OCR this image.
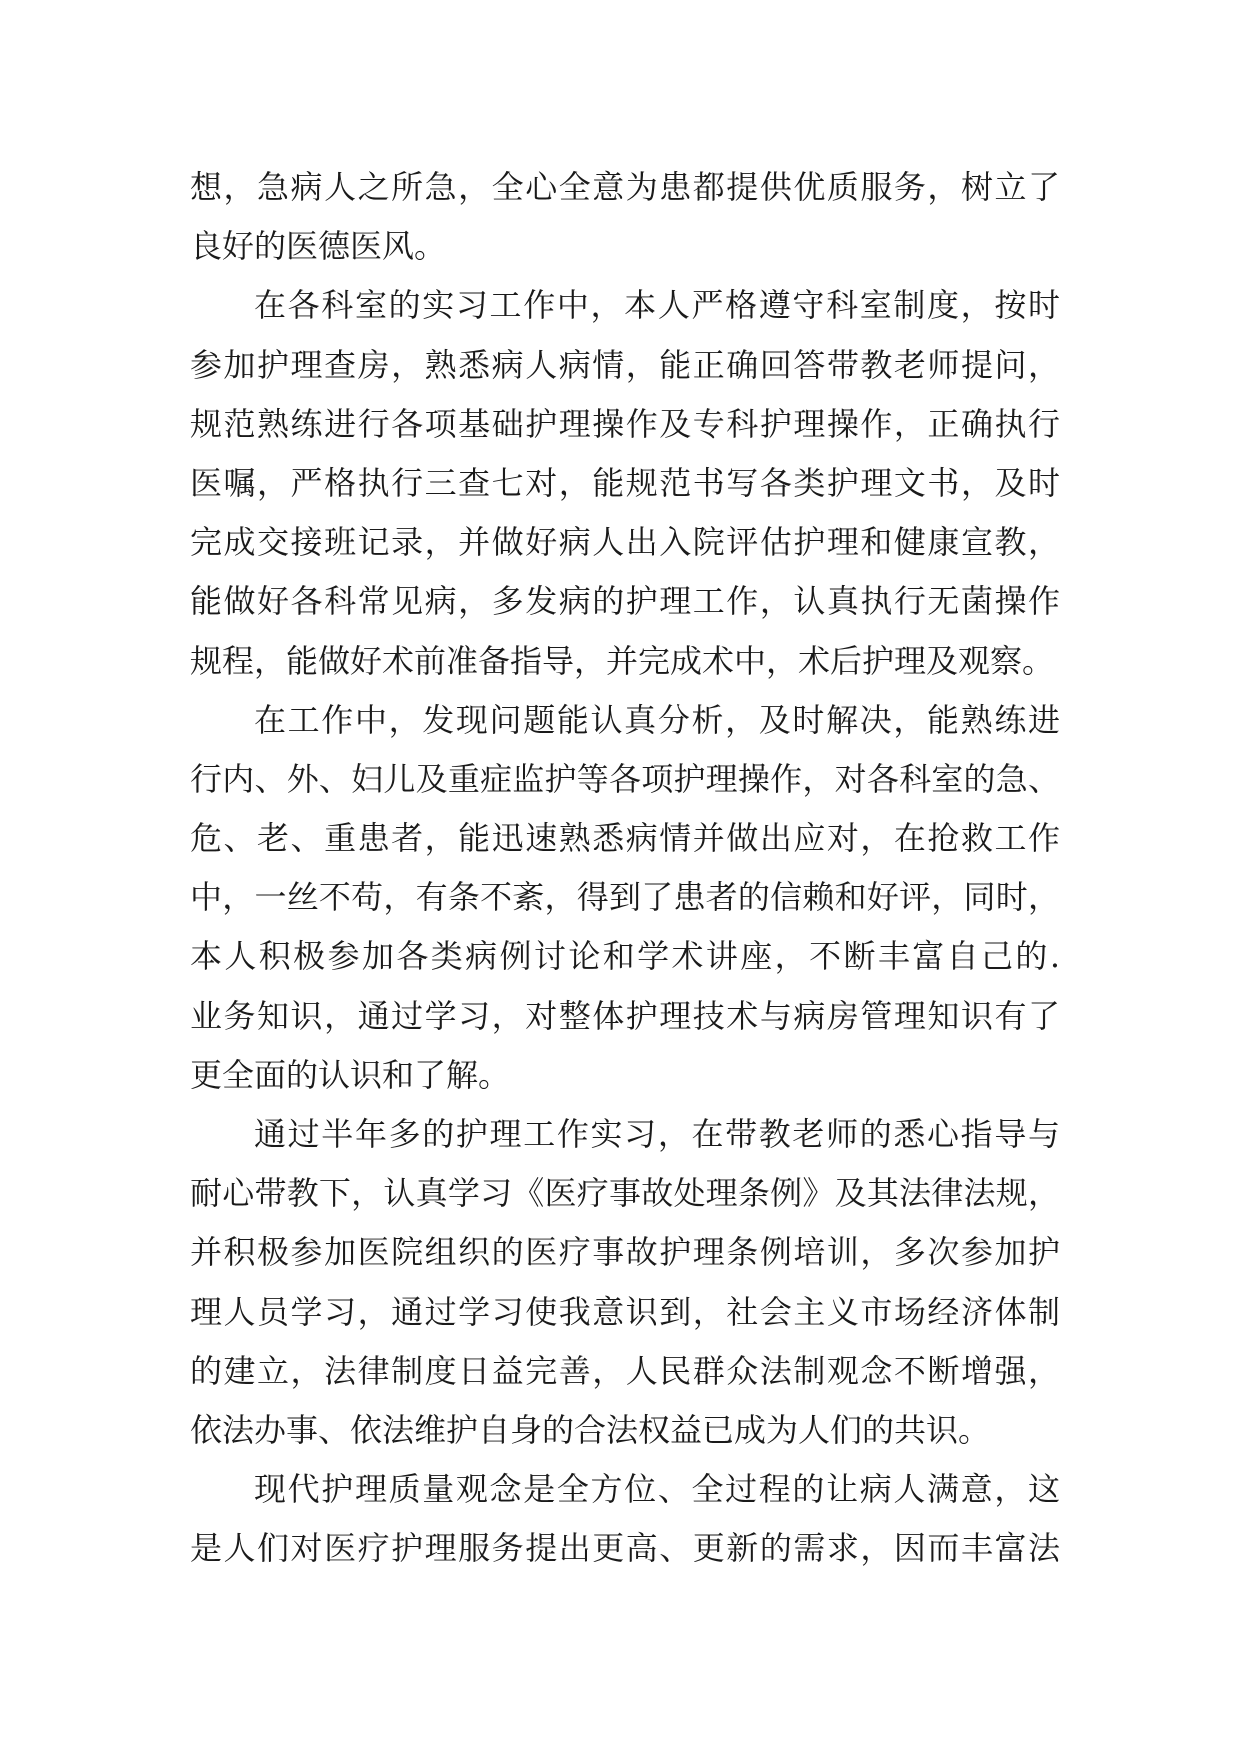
想，急病人之所急，全心全意为患都提供优质服务，树立了
良好的医德医风。
在各科室的实习工作中，本人严格遵守科室制度，按时
参加护理查房，熟悉病人病情，能正确回答带教老师提问，
规范熟练进行各项基础护理操作及专科护理操作，正确执行
医嘱，严格执行三查七对，能规范书写各类护理文书，及时
完成交接班记录，并做好病人出入院评估护理和健康宣教，
能做好各科常见病，多发病的护理工作，认真执行无菌操作
规程，能做好术前准备指导，并完成术中，术后护理及观察。
在工作中，发现问题能认真分析，及时解决，能熟练进
行内、外、妇儿及重症监护等各项护理操作，对各科室的急、
危、老、重患者，能迅速熟悉病情并做出应对，在抢救工作
中，一丝不苟，有条不紊，得到了患者的信赖和好评，同时，
本人积极参加各类病例讨论和学术讲座，不断丰富自己的.
业务知识，通过学习，对整体护理技术与病房管理知识有了
更全面的认识和了解。
通过半年多的护理工作实习，在带教老师的悉心指导与
耐心带教下，认真学习《医疗事故处理条例》及其法律法规，
并积极参加医院组织的医疗事故护理条例培训，多次参加护
理人员学习，通过学习使我意识到，社会主义市场经济体制
的建立，法律制度日益完善，人民群众法制观念不断增强，
依法办事、依法维护自身的合法权益已成为人们的共识。
现代护理质量观念是全方位、全过程的让病人满意，这
是人们对医疗护理服务提出更高、更新的需求，因而丰富法
